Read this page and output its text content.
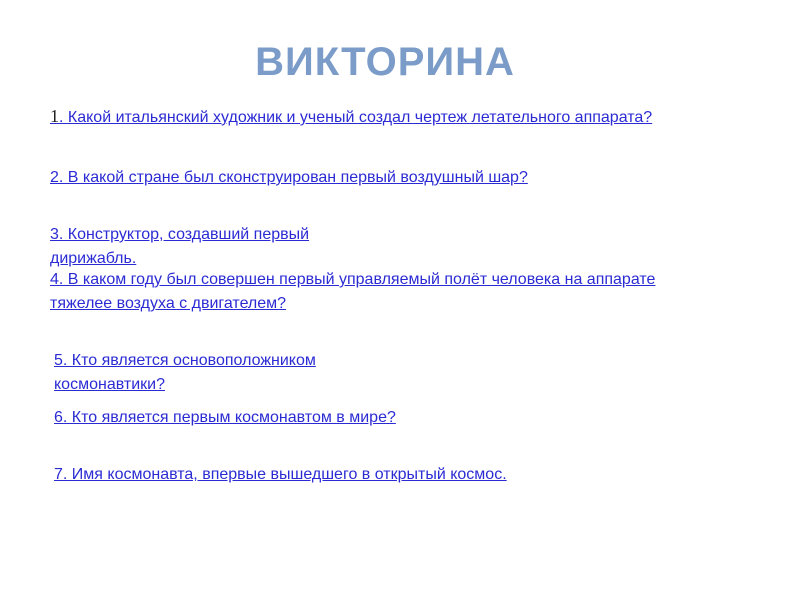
ВИКТОРИНА
1. Какой итальянский художник и ученый создал чертеж летательного аппарата?
2. В какой стране был сконструирован первый воздушный шар?
3. Конструктор, создавший первый дирижабль.
4. В каком году был совершен первый управляемый полёт человека на аппарате тяжелее воздуха с двигателем?
5. Кто является основоположником космонавтики?
6. Кто является первым космонавтом в мире?
7. Имя космонавта, впервые вышедшего в открытый космос.
